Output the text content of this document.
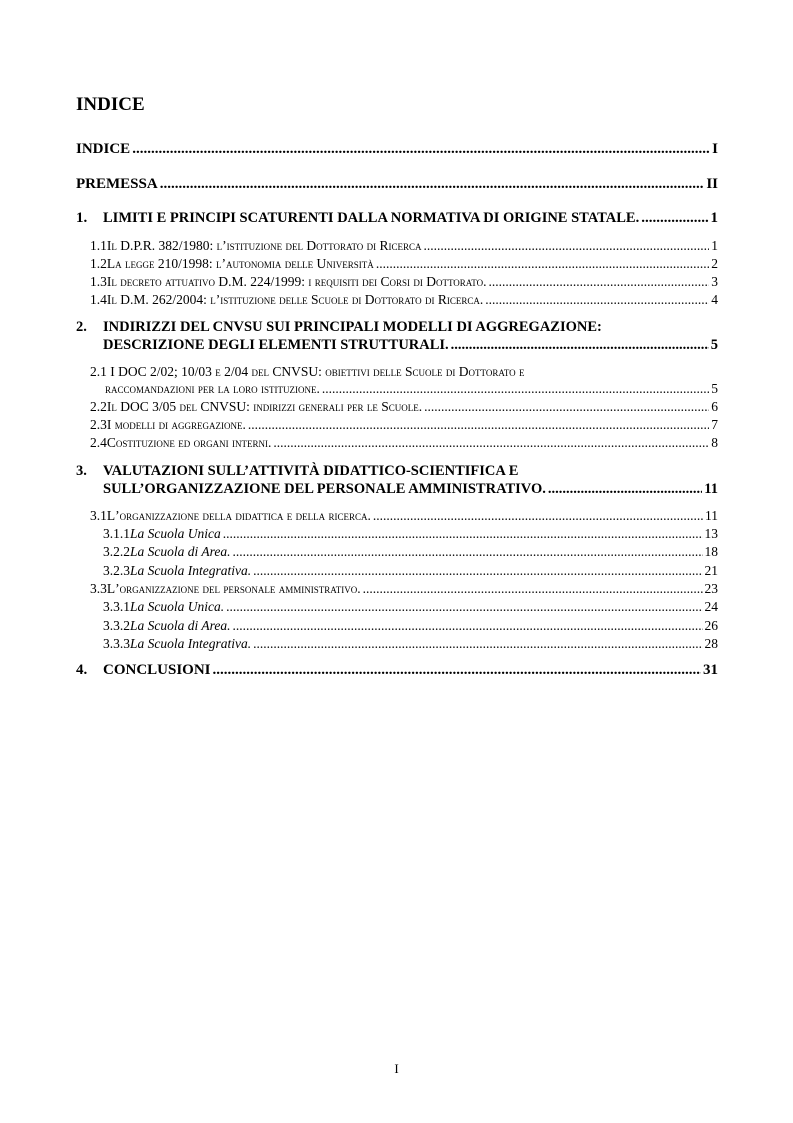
INDICE
INDICE .....	I
PREMESSA .....	II
1.	LIMITI E PRINCIPI SCATURENTI DALLA NORMATIVA DI ORIGINE STATALE. .....	1
1.1 Il D.P.R. 382/1980: l’istituzione del Dottorato di Ricerca .....	1
1.2 La legge 210/1998: l’autonomia delle Università .....	2
1.3 Il decreto attuativo D.M. 224/1999: i requisiti dei Corsi di Dottorato. .....	3
1.4 Il D.M. 262/2004: l’istituzione delle Scuole di Dottorato di Ricerca. .....	4
2. INDIRIZZI DEL CNVSU SUI PRINCIPALI MODELLI DI AGGREGAZIONE:
DESCRIZIONE DEGLI ELEMENTI STRUTTURALI. .....	5
2.1 I DOC 2/02; 10/03 e 2/04 del CNVSU: obiettivi delle Scuole di Dottorato e
raccomandazioni per la loro istituzione. .....	5
2.2 Il DOC 3/05 del CNVSU: indirizzi generali per le Scuole. .....	6
2.3 I modelli di aggregazione. .....	7
2.4 Costituzione ed organi interni. .....	8
3. VALUTAZIONI SULL’ATTIVITÀ DIDATTICO-SCIENTIFICA E
SULL’ORGANIZZAZIONE DEL PERSONALE AMMINISTRATIVO. .....	11
3.1 L’organizzazione della didattica e della ricerca. .....	11
3.1.1 La Scuola Unica .....	13
3.2.2 La Scuola di Area. .....	18
3.2.3 La Scuola Integrativa. .....	21
3.3 L’organizzazione del personale amministrativo. .....	23
3.3.1 La Scuola Unica. .....	24
3.3.2 La Scuola di Area. .....	26
3.3.3 La Scuola Integrativa. .....	28
4.	CONCLUSIONI .....	31
I
